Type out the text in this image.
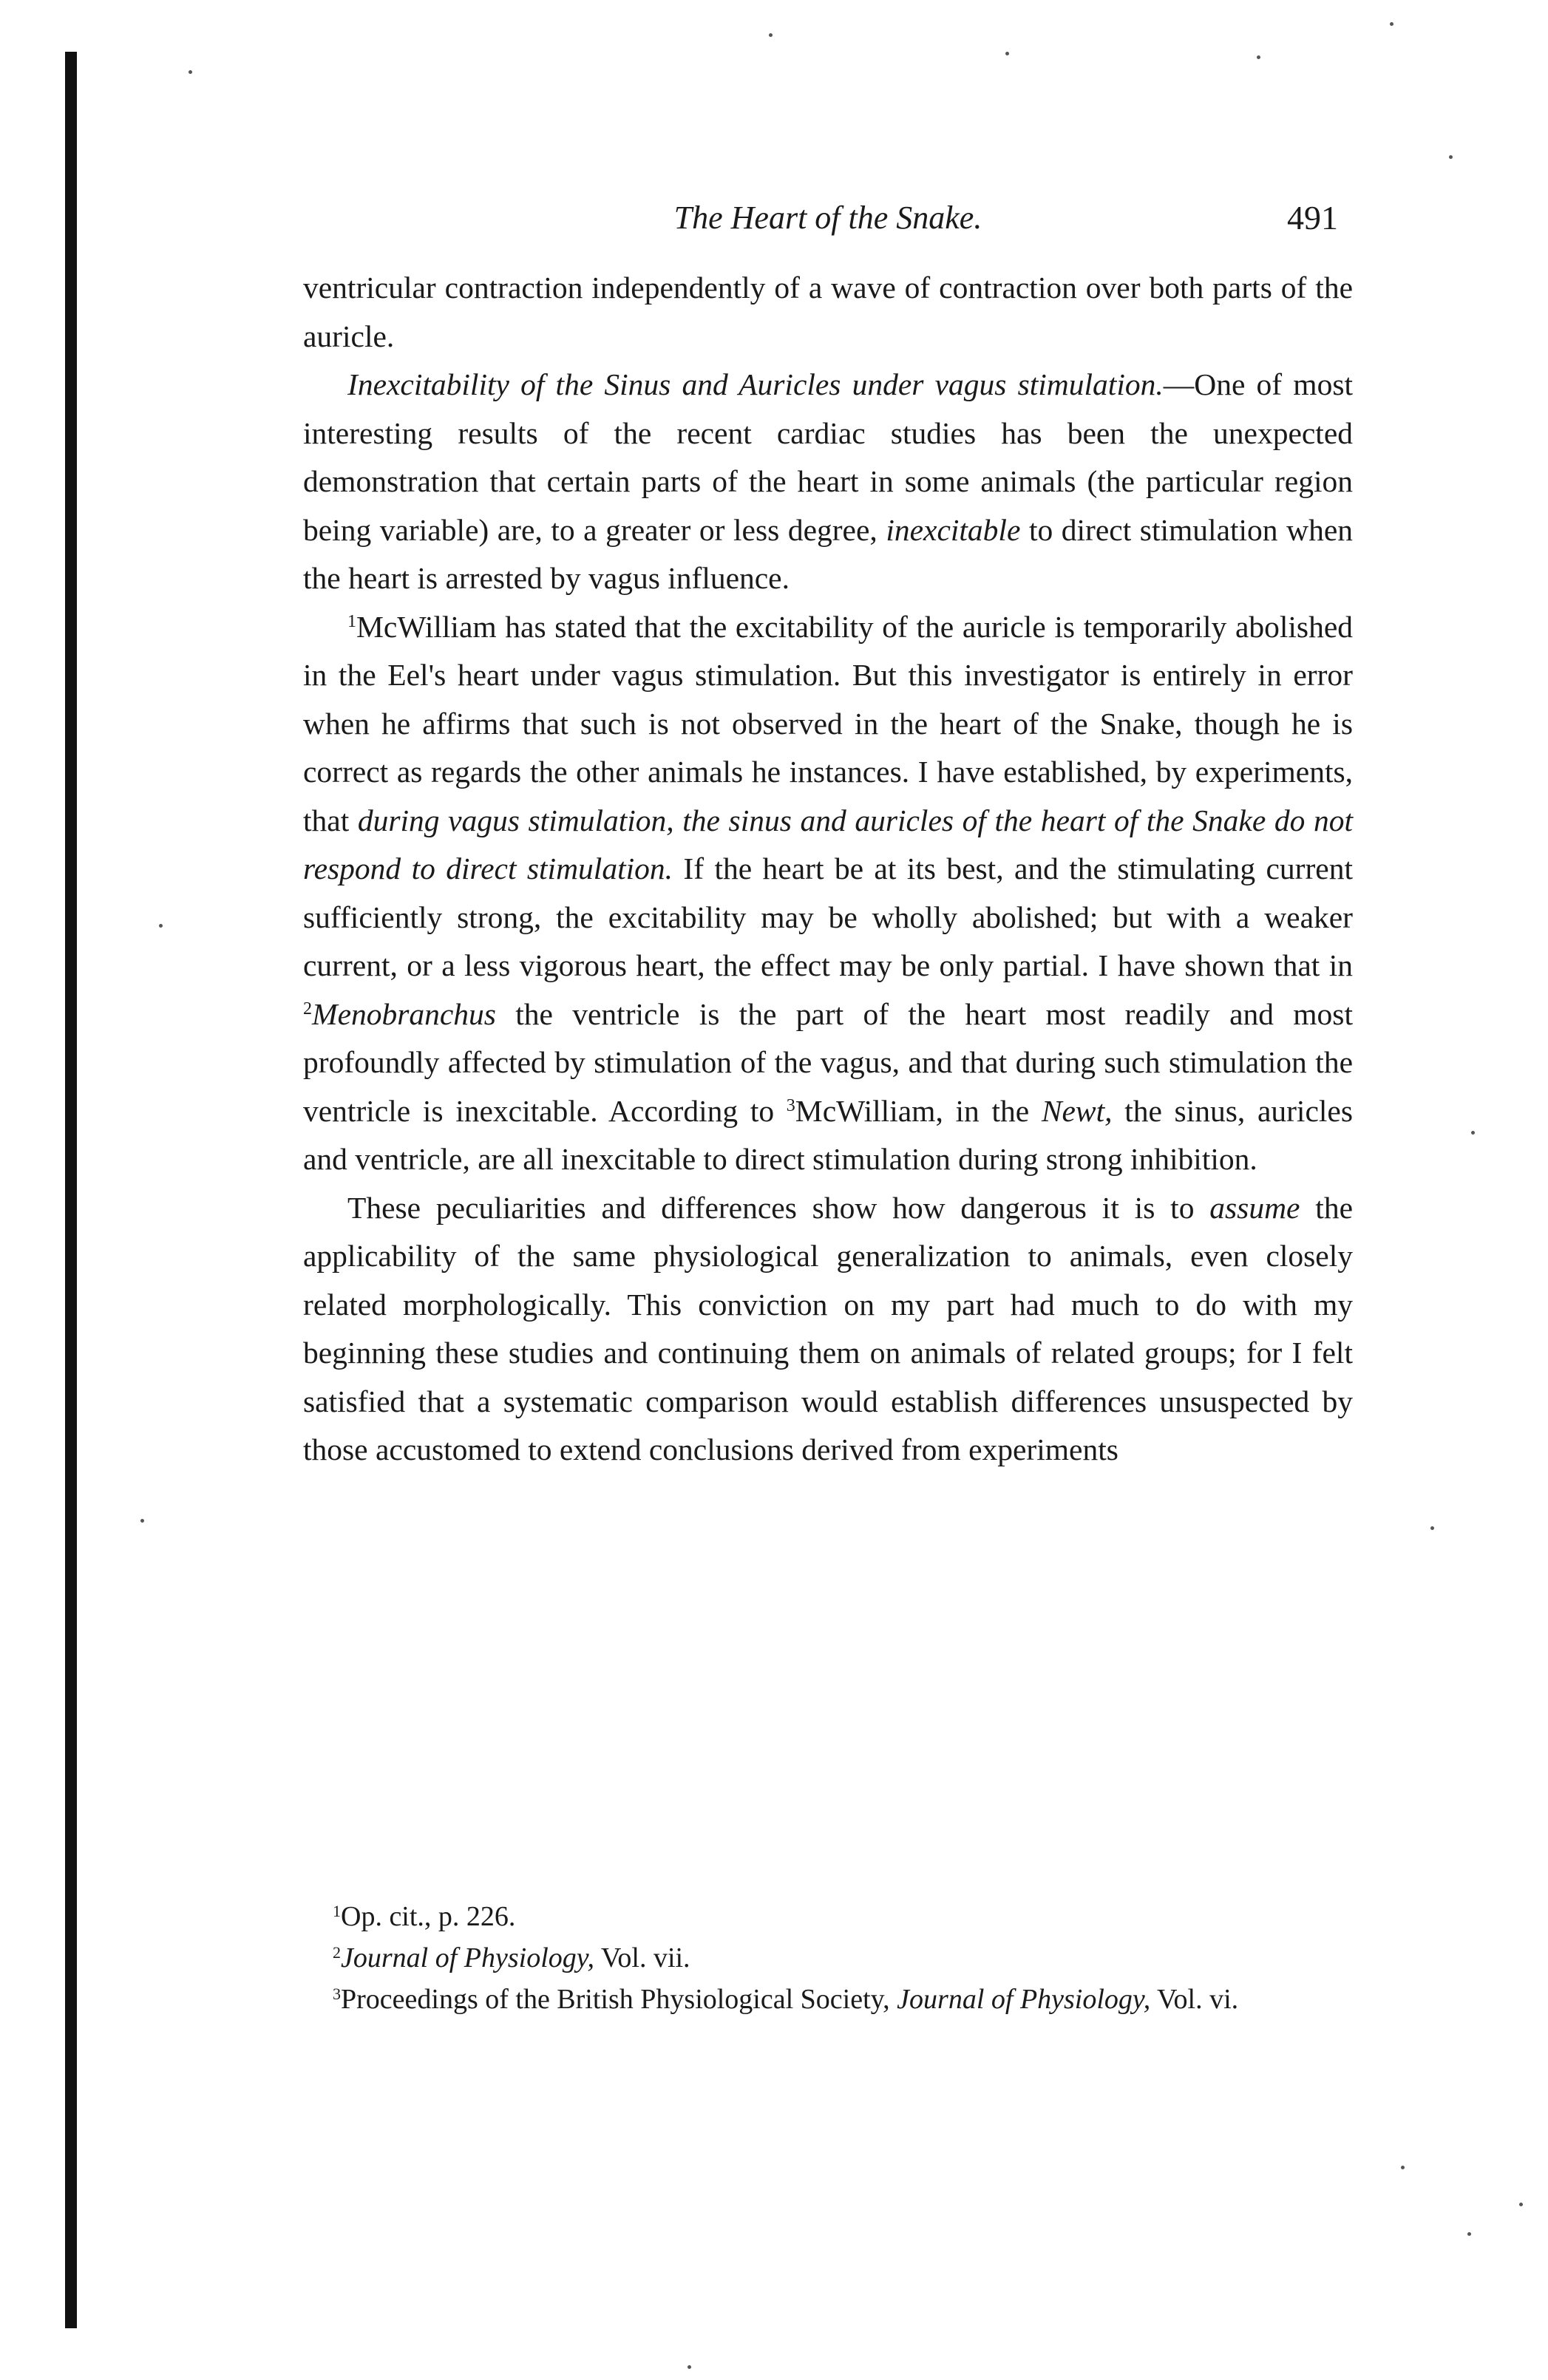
The Heart of the Snake.	491

ventricular contraction independently of a wave of contraction over both parts of the auricle.

Inexcitability of the Sinus and Auricles under vagus stimulation.—One of most interesting results of the recent cardiac studies has been the unexpected demonstration that certain parts of the heart in some animals (the particular region being variable) are, to a greater or less degree, inexcitable to direct stimulation when the heart is arrested by vagus influence.

$^1$McWilliam has stated that the excitability of the auricle is temporarily abolished in the Eel's heart under vagus stimulation. But this investigator is entirely in error when he affirms that such is not observed in the heart of the Snake, though he is correct as regards the other animals he instances. I have established, by experiments, that during vagus stimulation, the sinus and auricles of the heart of the Snake do not respond to direct stimulation. If the heart be at its best, and the stimulating current sufficiently strong, the excitability may be wholly abolished; but with a weaker current, or a less vigorous heart, the effect may be only partial. I have shown that in $^2$Menobranchus the ventricle is the part of the heart most readily and most profoundly affected by stimulation of the vagus, and that during such stimulation the ventricle is inexcitable. According to $^3$McWilliam, in the Newt, the sinus, auricles and ventricle, are all inexcitable to direct stimulation during strong inhibition.

These peculiarities and differences show how dangerous it is to assume the applicability of the same physiological generalization to animals, even closely related morphologically. This conviction on my part had much to do with my beginning these studies and continuing them on animals of related groups; for I felt satisfied that a systematic comparison would establish differences unsuspected by those accustomed to extend conclusions derived from experiments

$^1$Op. cit., p. 226.

$^2$Journal of Physiology, Vol. vii.

$^3$Proceedings of the British Physiological Society, Journal of Physiology, Vol. vi.
